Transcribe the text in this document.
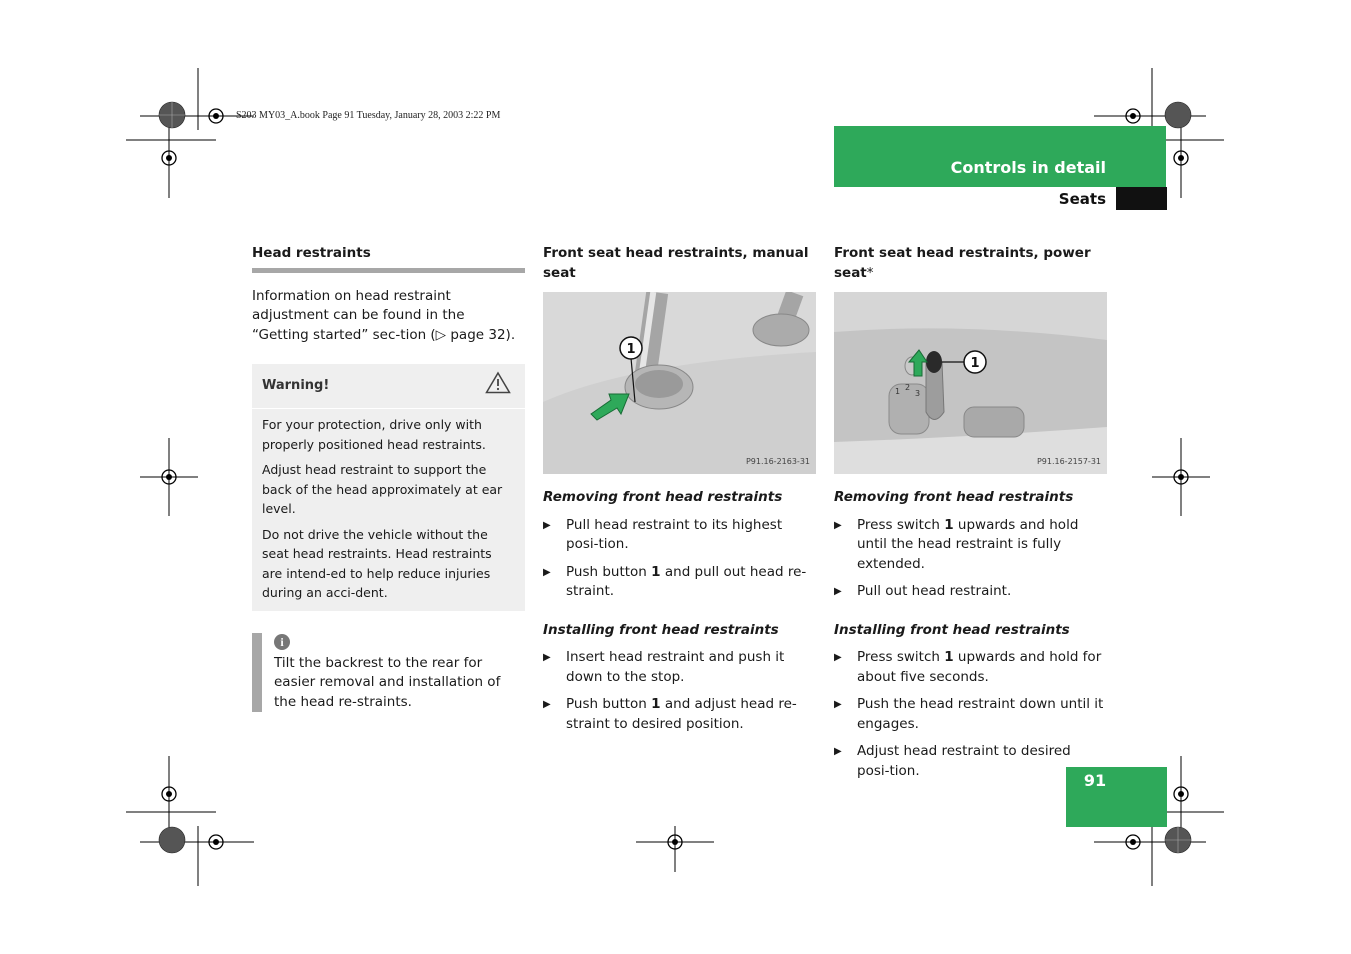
S203 MY03_A.book Page 91 Tuesday, January 28, 2003 2:22 PM
Controls in detail
Seats
91
Head restraints

Information on head restraint adjustment can be found in the “Getting started” sec-tion (▷ page 32).

Warning!

For your protection, drive only with properly positioned head restraints.

Adjust head restraint to support the back of the head approximately at ear level.

Do not drive the vehicle without the seat head restraints. Head restraints are intend-ed to help reduce injuries during an acci-dent.

i

Tilt the backrest to the rear for easier removal and installation of the head re-straints.

Front seat head restraints, manual seat
1
P91.16-2163-31

Removing front head restraints

▶	Pull head restraint to its highest posi-tion.
▶	Push button 1 and pull out head re-straint.

Installing front head restraints

▶	Insert head restraint and push it down to the stop.
▶	Push button 1 and adjust head re-straint to desired position.
Front seat head restraints, power seat*
1 2
3
1
P91.16-2157-31

Removing front head restraints

▶	Press switch 1 upwards and hold until the head restraint is fully extended.
▶	Pull out head restraint.

Installing front head restraints

▶	Press switch 1 upwards and hold for about five seconds.
▶	Push the head restraint down until it engages.
▶	Adjust head restraint to desired posi-tion.
